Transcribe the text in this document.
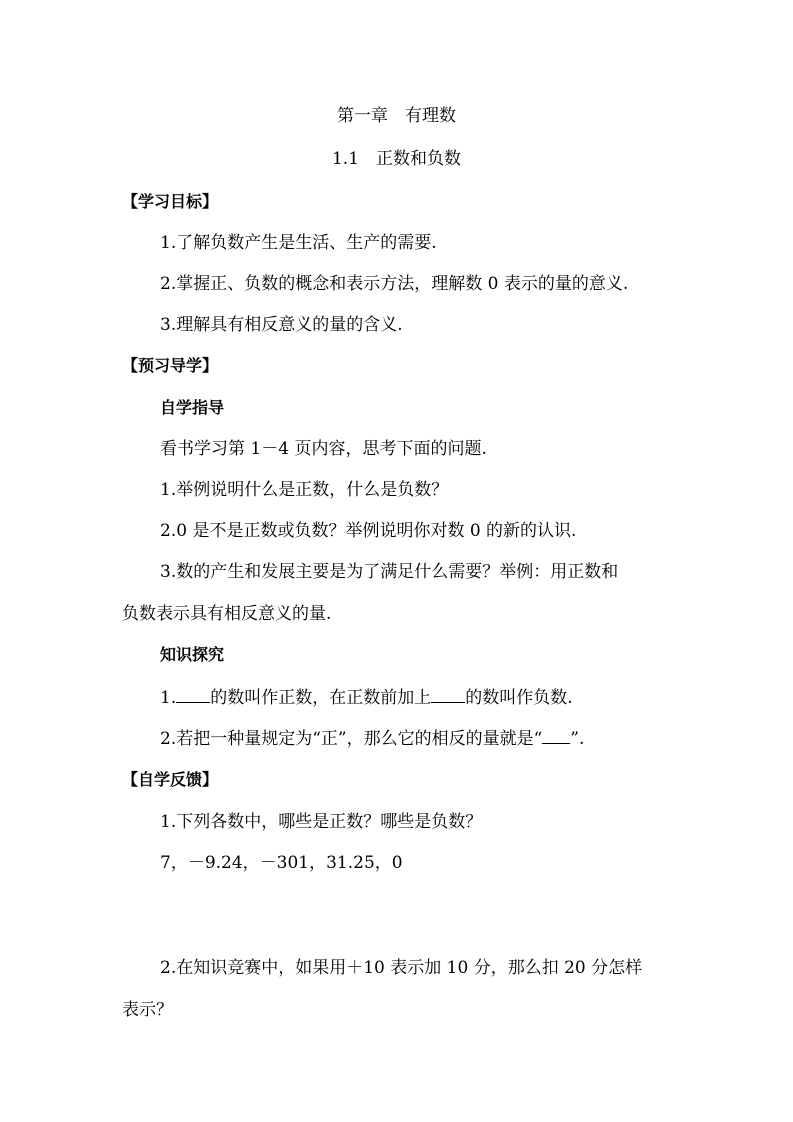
第一章　有理数
1.1　正数和负数
【学习目标】
1.了解负数产生是生活、生产的需要.
2.掌握正、负数的概念和表示方法，理解数 0 表示的量的意义.
3.理解具有相反意义的量的含义.
【预习导学】
自学指导
看书学习第 1－4 页内容，思考下面的问题.
1.举例说明什么是正数，什么是负数？
2.0 是不是正数或负数？举例说明你对数 0 的新的认识.
3.数的产生和发展主要是为了满足什么需要？举例：用正数和
负数表示具有相反意义的量.
知识探究
1. 的数叫作正数，在正数前加上 的数叫作负数.
2.若把一种量规定为“正”，那么它的相反的量就是“ ”.
【自学反馈】
1.下列各数中，哪些是正数？哪些是负数？
7，－9.24，－301，31.25，0
2.在知识竞赛中，如果用＋10 表示加 10 分，那么扣 20 分怎样
表示？
